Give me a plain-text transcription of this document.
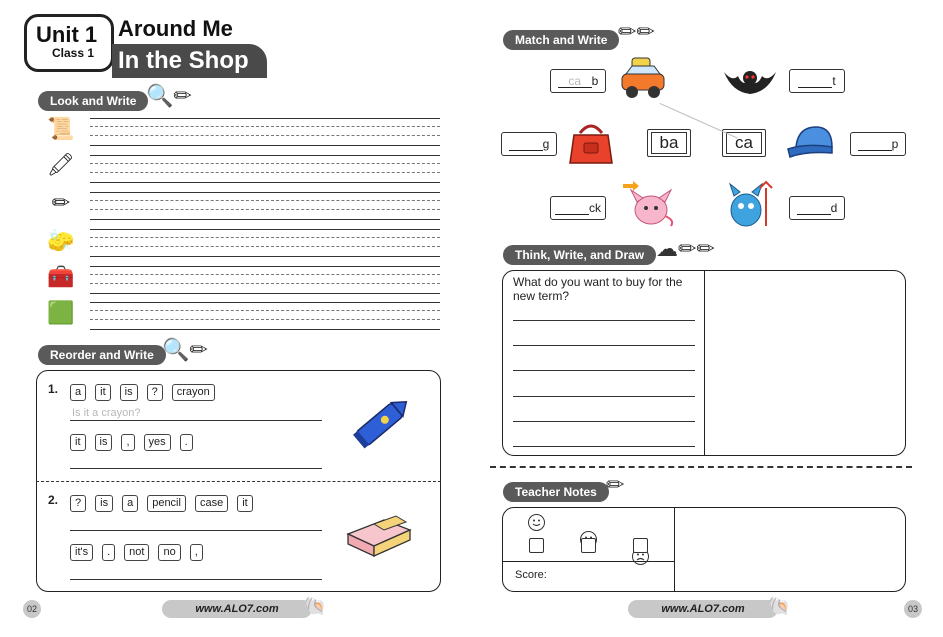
Unit 1
Class 1
Around Me
In the Shop
Look and Write 🔍✏
📜
🖍
✏
🧽
🧰
🟩
Reorder and Write 🔍✏
1.	a it is ? crayon
Is it a crayon?
it is , yes .
2.	? is a pencil case it
it's . not no ,
02	www.ALO7.com	🐚
Match and Write ✏✏
ca b	t
g	ba	ca	p
ck	d
Think, Write, and Draw ☁✏✏
What do you want to buy for the new term?
Teacher Notes ✏
Score:
www.ALO7.com	🐚	03
